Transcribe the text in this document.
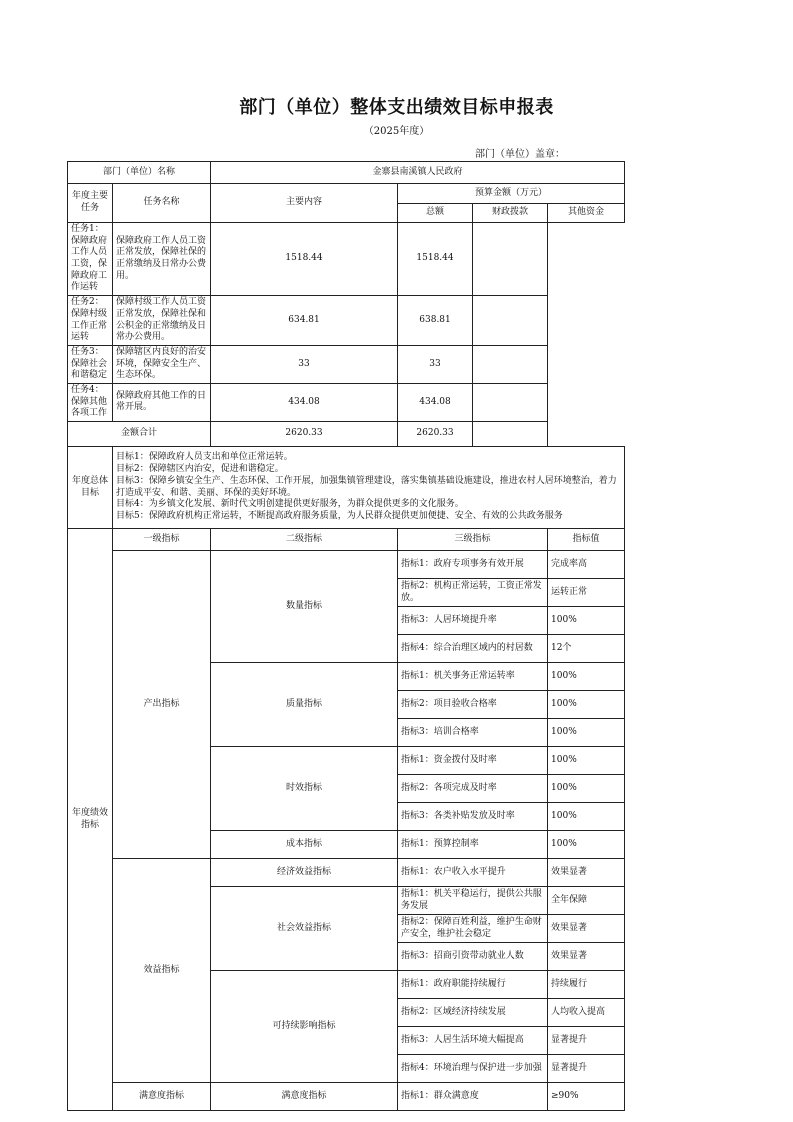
部门（单位）整体支出绩效目标申报表
（2025年度）
部门（单位）盖章：
部门（单位）名称		金寨县南溪镇人民政府			
年度主要任务	任务名称	主要内容	预算金额（万元）		
			总额	财政拨款	其他资金
任务1：保障政府工作人员工资，保障政府工作运转	保障政府工作人员工资正常发放，保障社保的正常缴纳及日常办公费用。	1518.44	1518.44		
任务2：保障村级工作正常运转	保障村级工作人员工资正常发放，保障社保和公积金的正常缴纳及日常办公费用。	634.81	638.81		
任务3：保障社会和谐稳定	保障辖区内良好的治安环境，保障安全生产、生态环保。	33	33		
任务4：保障其他各项工作	保障政府其他工作的日常开展。	434.08	434.08		
金额合计		2620.33	2620.33		
年度总体目标	目标1：保障政府人员支出和单位正常运转。
目标2：保障辖区内治安，促进和谐稳定。
目标3：保障乡镇安全生产、生态环保、工作开展，加强集镇管理建设，落实集镇基础设施建设，推进农村人居环境整治，着力打造成平安、和谐、美丽、环保的美好环境。
目标4：为乡镇文化发展、新时代文明创建提供更好服务，为群众提供更多的文化服务。
目标5：保障政府机构正常运转，不断提高政府服务质量，为人民群众提供更加便捷、安全、有效的公共政务服务				

年度绩效指标	一级指标	二级指标	三级指标		指标值
	产出指标	数量指标	指标1：政府专项事务有效开展		完成率高
			指标2：机构正常运转，工资正常发放。		运转正常
			指标3：人居环境提升率		100%
			指标4：综合治理区域内的村居数		12个
		质量指标	指标1：机关事务正常运转率		100%
			指标2：项目验收合格率		100%
			指标3：培训合格率		100%
		时效指标	指标1：资金拨付及时率		100%
			指标2：各项完成及时率		100%
			指标3：各类补贴发放及时率		100%
		成本指标	指标1：预算控制率		100%
	效益指标	经济效益指标	指标1：农户收入水平提升		效果显著
		社会效益指标	指标1：机关平稳运行，提供公共服务发展		全年保障
			指标2：保障百姓利益，维护生命财产安全，维护社会稳定		效果显著
			指标3：招商引资带动就业人数		效果显著
		可持续影响指标	指标1：政府职能持续履行		持续履行
			指标2：区域经济持续发展		人均收入提高
			指标3：人居生活环境大幅提高		显著提升
			指标4：环境治理与保护进一步加强		显著提升
	满意度指标	满意度指标	指标1：群众满意度		≥90%
